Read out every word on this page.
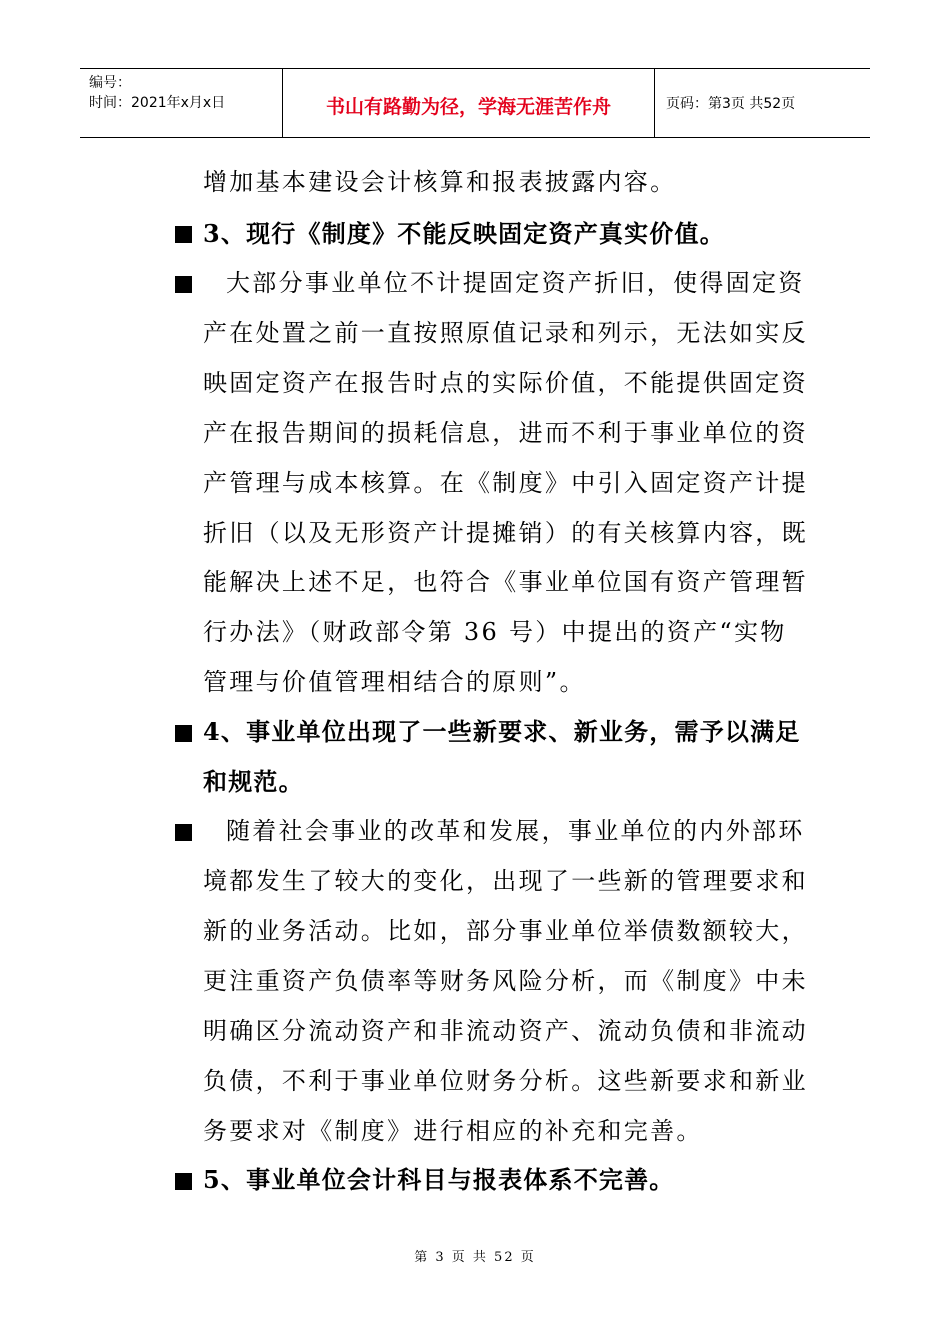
编号：
时间：2021年x月x日	书山有路勤为径，学海无涯苦作舟	页码：第3页 共52页
增加基本建设会计核算和报表披露内容。
3、现行《制度》不能反映固定资产真实价值。
大部分事业单位不计提固定资产折旧，使得固定资
产在处置之前一直按照原值记录和列示，无法如实反
映固定资产在报告时点的实际价值，不能提供固定资
产在报告期间的损耗信息，进而不利于事业单位的资
产管理与成本核算。在《制度》中引入固定资产计提
折旧（以及无形资产计提摊销）的有关核算内容，既
能解决上述不足，也符合《事业单位国有资产管理暂
行办法》（财政部令第 36 号）中提出的资产“实物
管理与价值管理相结合的原则”。
4、事业单位出现了一些新要求、新业务，需予以满足
和规范。
随着社会事业的改革和发展，事业单位的内外部环
境都发生了较大的变化，出现了一些新的管理要求和
新的业务活动。比如，部分事业单位举债数额较大，
更注重资产负债率等财务风险分析，而《制度》中未
明确区分流动资产和非流动资产、流动负债和非流动
负债，不利于事业单位财务分析。这些新要求和新业
务要求对《制度》进行相应的补充和完善。
5、事业单位会计科目与报表体系不完善。
第 3 页 共 52 页
